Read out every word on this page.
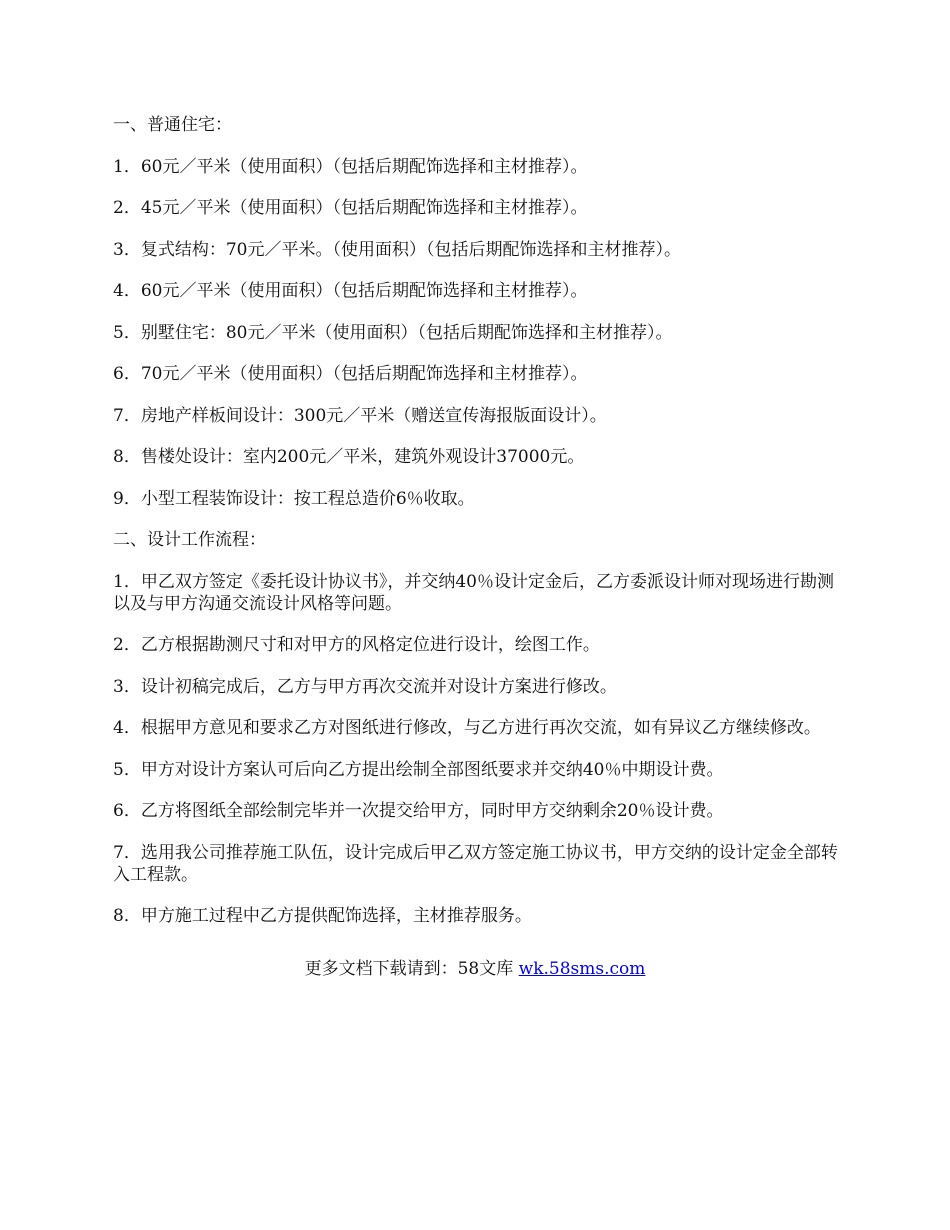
一、普通住宅：

1．60元／平米（使用面积）（包括后期配饰选择和主材推荐）。

2．45元／平米（使用面积）（包括后期配饰选择和主材推荐）。

3．复式结构：70元／平米。（使用面积）（包括后期配饰选择和主材推荐）。

4．60元／平米（使用面积）（包括后期配饰选择和主材推荐）。

5．别墅住宅：80元／平米（使用面积）（包括后期配饰选择和主材推荐）。

6．70元／平米（使用面积）（包括后期配饰选择和主材推荐）。

7．房地产样板间设计：300元／平米（赠送宣传海报版面设计）。

8．售楼处设计：室内200元／平米，建筑外观设计37000元。

9．小型工程装饰设计：按工程总造价6％收取。

二、设计工作流程：

1．甲乙双方签定《委托设计协议书》，并交纳40％设计定金后，乙方委派设计师对现场进行勘测以及与甲方沟通交流设计风格等问题。

2．乙方根据勘测尺寸和对甲方的风格定位进行设计，绘图工作。

3．设计初稿完成后，乙方与甲方再次交流并对设计方案进行修改。

4．根据甲方意见和要求乙方对图纸进行修改，与乙方进行再次交流，如有异议乙方继续修改。

5．甲方对设计方案认可后向乙方提出绘制全部图纸要求并交纳40％中期设计费。

6．乙方将图纸全部绘制完毕并一次提交给甲方，同时甲方交纳剩余20％设计费。

7．选用我公司推荐施工队伍，设计完成后甲乙双方签定施工协议书，甲方交纳的设计定金全部转入工程款。

8．甲方施工过程中乙方提供配饰选择，主材推荐服务。

更多文档下载请到：58文库 wk.58sms.com
